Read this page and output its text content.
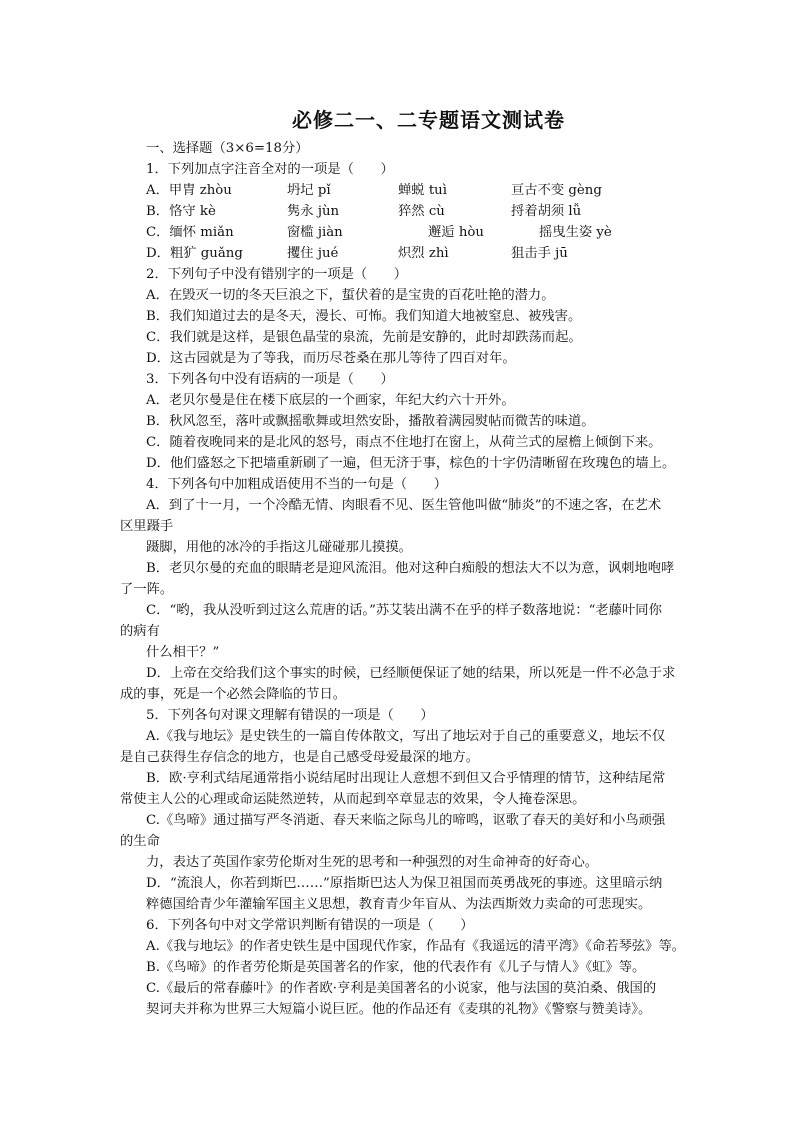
必修二一、二专题语文测试卷
一、选择题（3×6=18分）
1．下列加点字注音全对的一项是（　　）
A．甲胄 zhòu	坍圮 pǐ	蝉蜕 tuì	亘古不变 gèng
B．恪守 kè	隽永 jùn	猝然 cù	捋着胡须 lǚ
C．缅怀 miǎn	窗槛 jiàn	邂逅 hòu	摇曳生姿 yè
D．粗犷 guǎng	攫住 jué	炽烈 zhì	狙击手 jū
2．下列句子中没有错别字的一项是（　　）
A．在毁灭一切的冬天巨浪之下，蜇伏着的是宝贵的百花吐艳的潜力。
B．我们知道过去的是冬天，漫长、可怖。我们知道大地被窒息、被残害。
C．我们就是这样，是银色晶莹的泉流，先前是安静的，此时却跌荡而起。
D．这古园就是为了等我，而历尽苍桑在那儿等待了四百对年。
3．下列各句中没有语病的一项是（　　）
A．老贝尔曼是住在楼下底层的一个画家，年纪大约六十开外。
B．秋风忽至，落叶或飘摇歌舞或坦然安卧，播散着满园熨帖而微苦的味道。
C．随着夜晚同来的是北风的怒号，雨点不住地打在窗上，从荷兰式的屋檐上倾倒下来。
D．他们盛怒之下把墙重新刷了一遍，但无济于事，棕色的十字仍清晰留在玫瑰色的墙上。
4．下列各句中加粗成语使用不当的一句是（　　）
A．到了十一月，一个冷酷无情、肉眼看不见、医生管他叫做“肺炎”的不速之客，在艺术
区里蹑手
蹑脚，用他的冰冷的手指这儿碰碰那儿摸摸。
B．老贝尔曼的充血的眼睛老是迎风流泪。他对这种白痴般的想法大不以为意，讽刺地咆哮
了一阵。
C．“哟，我从没听到过这么荒唐的话。”苏艾装出满不在乎的样子数落地说：“老藤叶同你
的病有
什么相干？”
D．上帝在交给我们这个事实的时候，已经顺便保证了她的结果，所以死是一件不必急于求
成的事，死是一个必然会降临的节日。
5．下列各句对课文理解有错误的一项是（　　）
A.《我与地坛》是史铁生的一篇自传体散文，写出了地坛对于自己的重要意义，地坛不仅
是自己获得生存信念的地方，也是自己感受母爱最深的地方。
B．欧·亨利式结尾通常指小说结尾时出现让人意想不到但又合乎情理的情节，这种结尾常
常使主人公的心理或命运陡然逆转，从而起到卒章显志的效果，令人掩卷深思。
C.《鸟啼》通过描写严冬消逝、春天来临之际鸟儿的啼鸣，讴歌了春天的美好和小鸟顽强
的生命
力，表达了英国作家劳伦斯对生死的思考和一种强烈的对生命神奇的好奇心。
D．“流浪人，你若到斯巴……”原指斯巴达人为保卫祖国而英勇战死的事迹。这里暗示纳
粹德国给青少年灌输军国主义思想，教育青少年盲从、为法西斯效力卖命的可悲现实。
6．下列各句中对文学常识判断有错误的一项是（　　）
A.《我与地坛》的作者史铁生是中国现代作家，作品有《我遥远的清平湾》《命若琴弦》等。
B.《鸟啼》的作者劳伦斯是英国著名的作家，他的代表作有《儿子与情人》《虹》等。
C.《最后的常春藤叶》的作者欧·亨利是美国著名的小说家，他与法国的莫泊桑、俄国的
契诃夫并称为世界三大短篇小说巨匠。他的作品还有《麦琪的礼物》《警察与赞美诗》。
